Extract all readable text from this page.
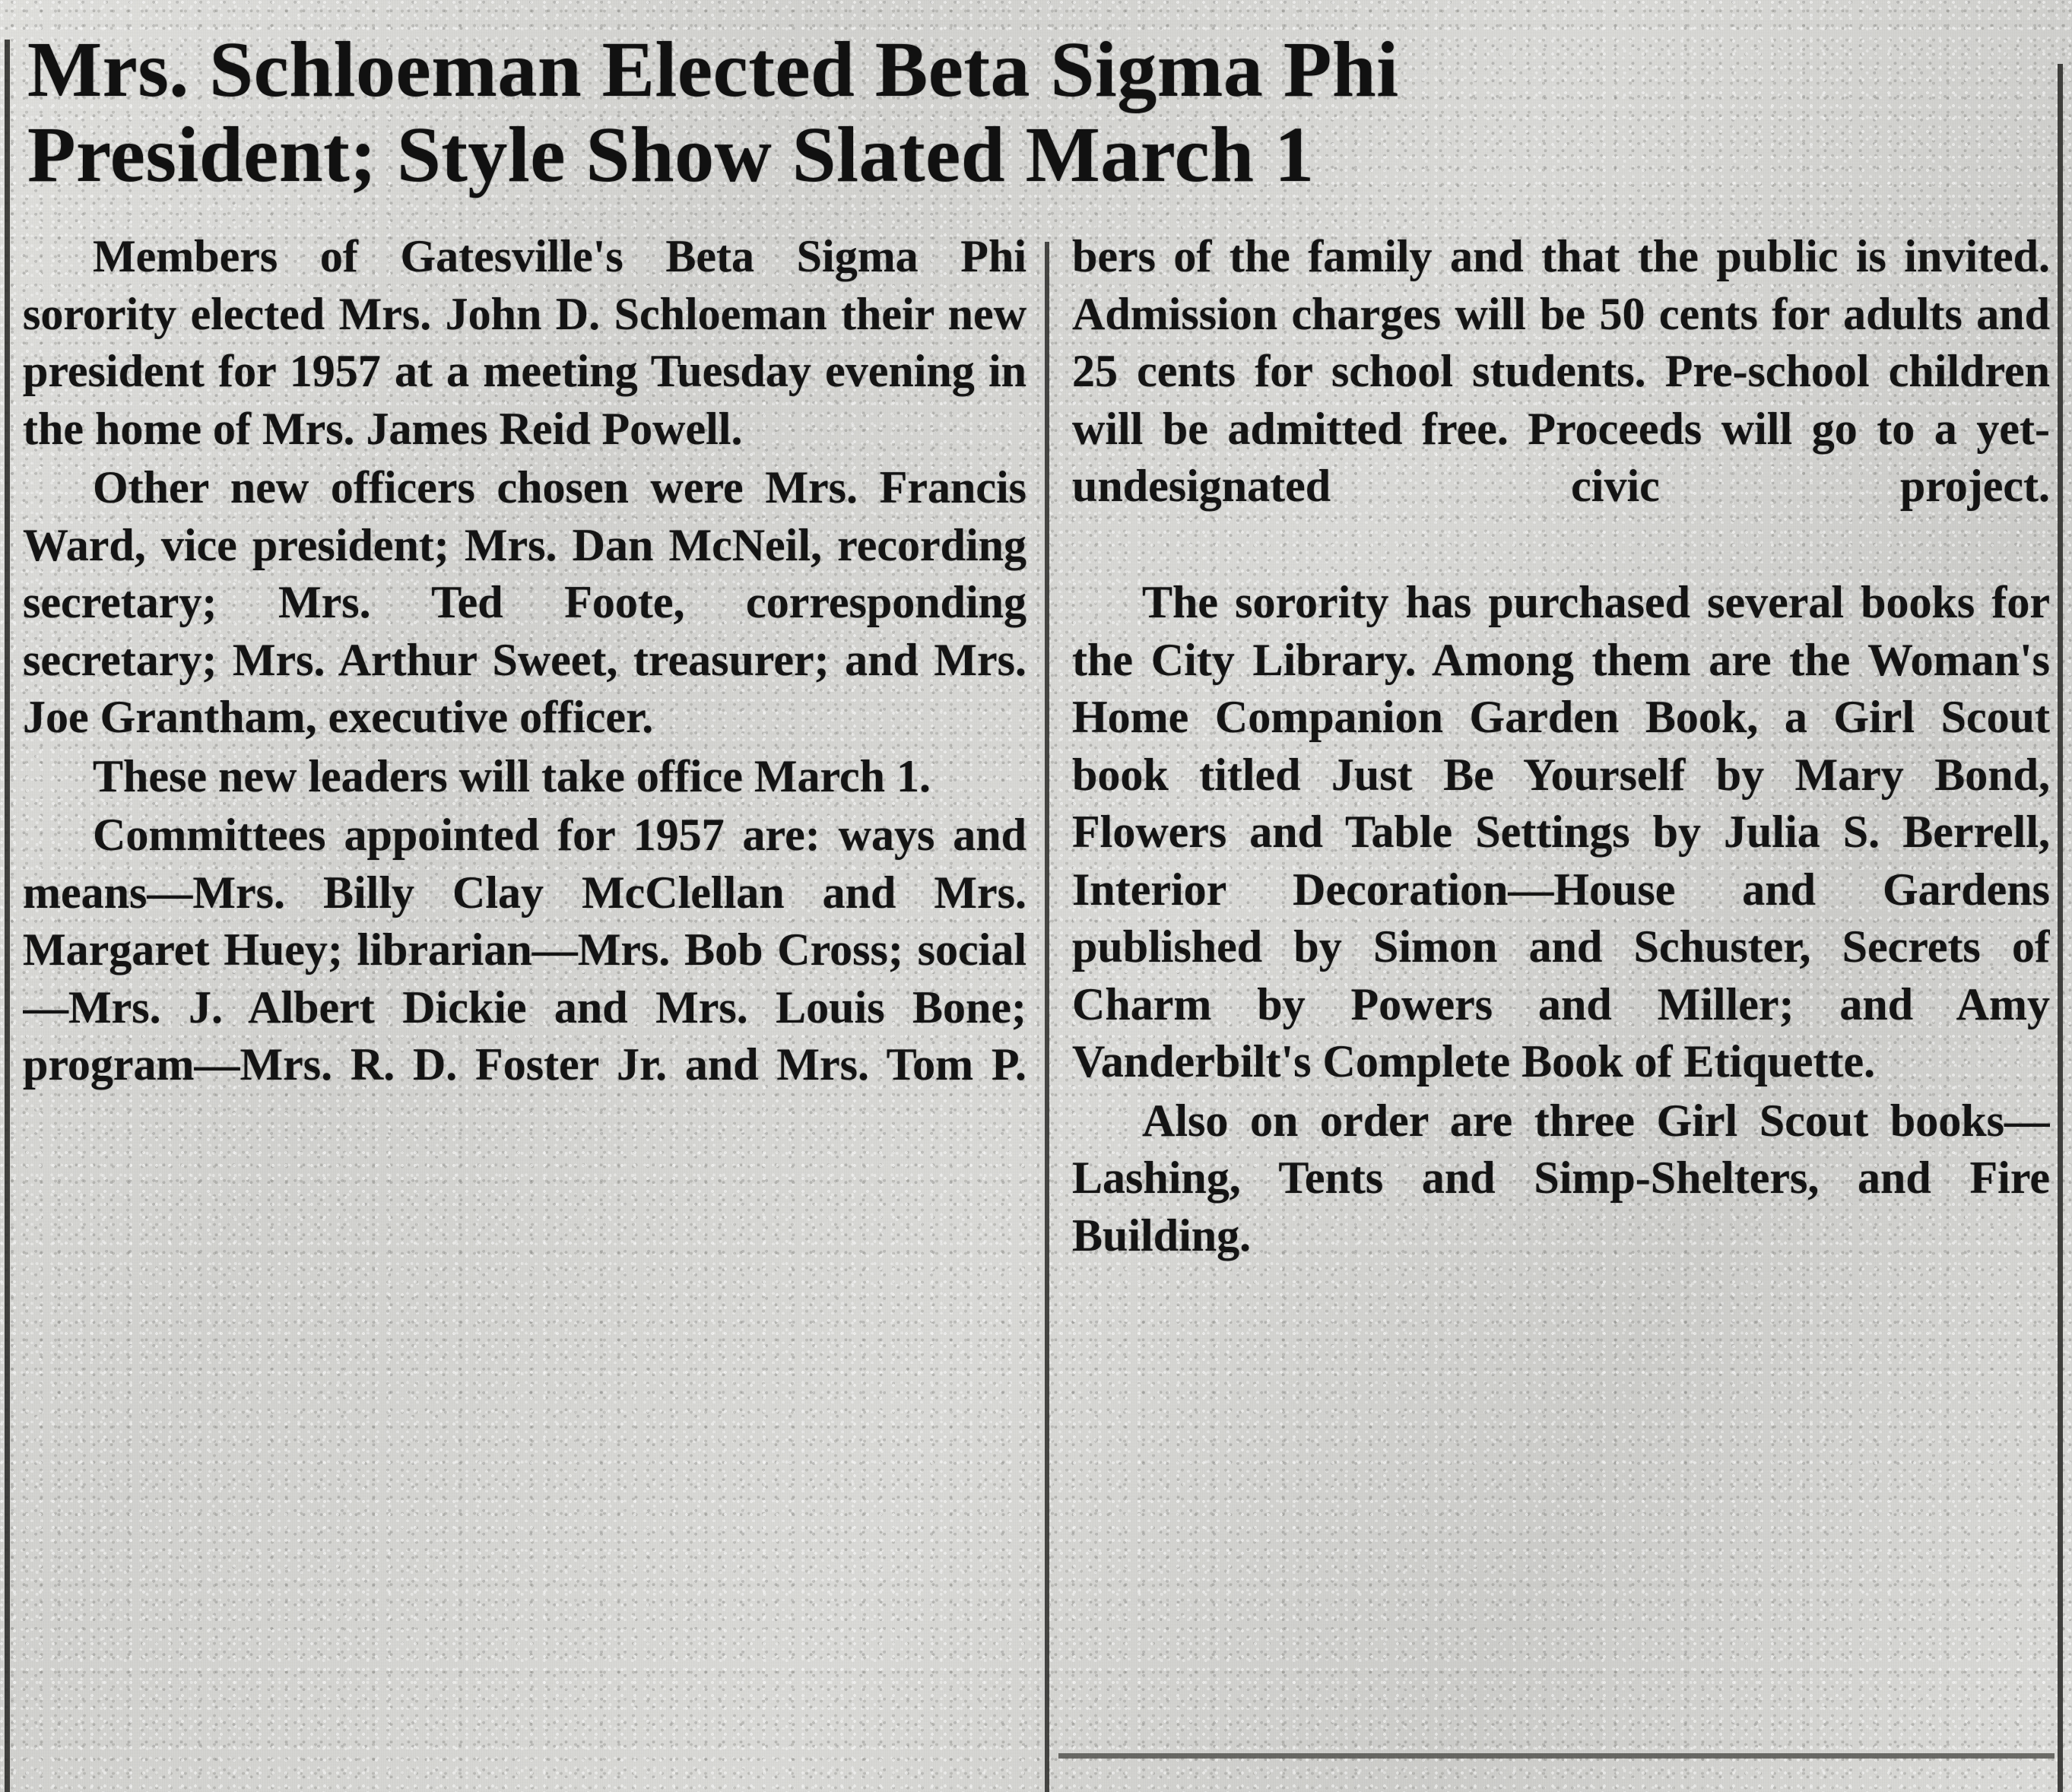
Mrs. Schloeman Elected Beta Sigma Phi
President; Style Show Slated March 1

Members of Gatesville's Beta Sigma Phi sorority elected Mrs. John D. Schloeman their new president for 1957 at a meeting Tuesday evening in the home of Mrs. James Reid Powell.

Other new officers chosen were Mrs. Francis Ward, vice president; Mrs. Dan McNeil, recording secretary; Mrs. Ted Foote, corresponding secretary; Mrs. Arthur Sweet, treasurer; and Mrs. Joe Grantham, executive officer.

These new leaders will take office March 1.

Committees appointed for 1957 are: ways and means—Mrs. Billy Clay McClellan and Mrs. Margaret Huey; librarian—Mrs. Bob Cross; social—Mrs. J. Albert Dickie and Mrs. Louis Bone; program—Mrs. R. D. Foster Jr. and Mrs. Tom P.

bers of the family and that the public is invited. Admission charges will be 50 cents for adults and 25 cents for school students. Pre-school children will be admitted free. Proceeds will go to a yet-undesignated civic project.

The sorority has purchased several books for the City Library. Among them are the Woman's Home Companion Garden Book, a Girl Scout book titled Just Be Yourself by Mary Bond, Flowers and Table Settings by Julia S. Berrell, Interior Decoration—House and Gardens published by Simon and Schuster, Secrets of Charm by Powers and Miller; and Amy Vanderbilt's Complete Book of Etiquette.

Also on order are three Girl Scout books—Lashing, Tents and Simp-Shelters, and Fire Building.
